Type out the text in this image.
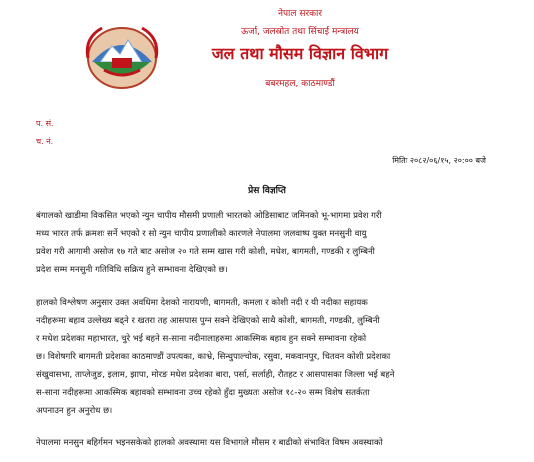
नेपाल सरकार
ऊर्जा, जलस्रोत तथा सिंचाई मन्त्रालय
जल तथा मौसम विज्ञान विभाग
बबरमहल, काठमाण्डौं
प. सं.
च. नं.
मितिः २०८२/०६/१५, २०:०० बजे
प्रेस विज्ञप्ति
बंगालको खाडीमा विकसित भएको न्युन चापीय मौसमी प्रणाली भारतको ओडिसाबाट जमिनको भू-भागमा प्रवेश गरी
मध्य भारत तर्फ क्रमशः सर्ने भएको र सो न्युन चापीय प्रणालीको कारणले नेपालमा जलवाष्प युक्त मनसुनी वायु
प्रवेश गरी आगामी असोज १७ गते बाट असोज २० गते सम्म खास गरी कोशी, मधेश, बागमती, गण्डकी र लुम्बिनी
प्रदेश सम्म मनसुनी गतिविधि सक्रिय हुने सम्भावना देखिएको छ।
हालको विश्लेषण अनुसार उक्त अवधिमा देशको नारायणी, बागमती, कमला र कोशी नदी र यी नदीका सहायक
नदीहरूमा बहाव उल्लेख्य बढ्ने र खतरा तह आसपास पुग्न सक्ने देखिएको साथै कोशी, बागमती, गण्डकी, लुम्बिनी
र मधेश प्रदेशका महाभारत, चुरे भई बहने स-साना नदीनालाहरुमा आकस्मिक बहाव हुन सक्ने सम्भावना रहेको
छ। विशेषगरि बागमती प्रदेशका काठमाण्डौं उपत्यका, काभ्रे, सिन्धुपाल्चोक, रसुवा, मकवानपुर, चितवन कोशी प्रदेशका
संखुवासभा, ताप्लेजुङ, इलाम, झापा, मोरङ मधेश प्रदेशका बारा, पर्सा, सर्लाही, रौतहट र आसपासका जिल्ला भई बहने
स-साना नदीहरूमा आकस्मिक बहावको सम्भावना उच्च रहेको हुँदा मुख्यतः असोज १८-२० सम्म विशेष सतर्कता
अपनाउन हुन अनुरोध छ।
नेपालमा मनसुन बहिर्गमन भइनसकेको हालको अवस्थामा यस विभागले मौसम र बाढीको संभावित विषम अवस्थाको
